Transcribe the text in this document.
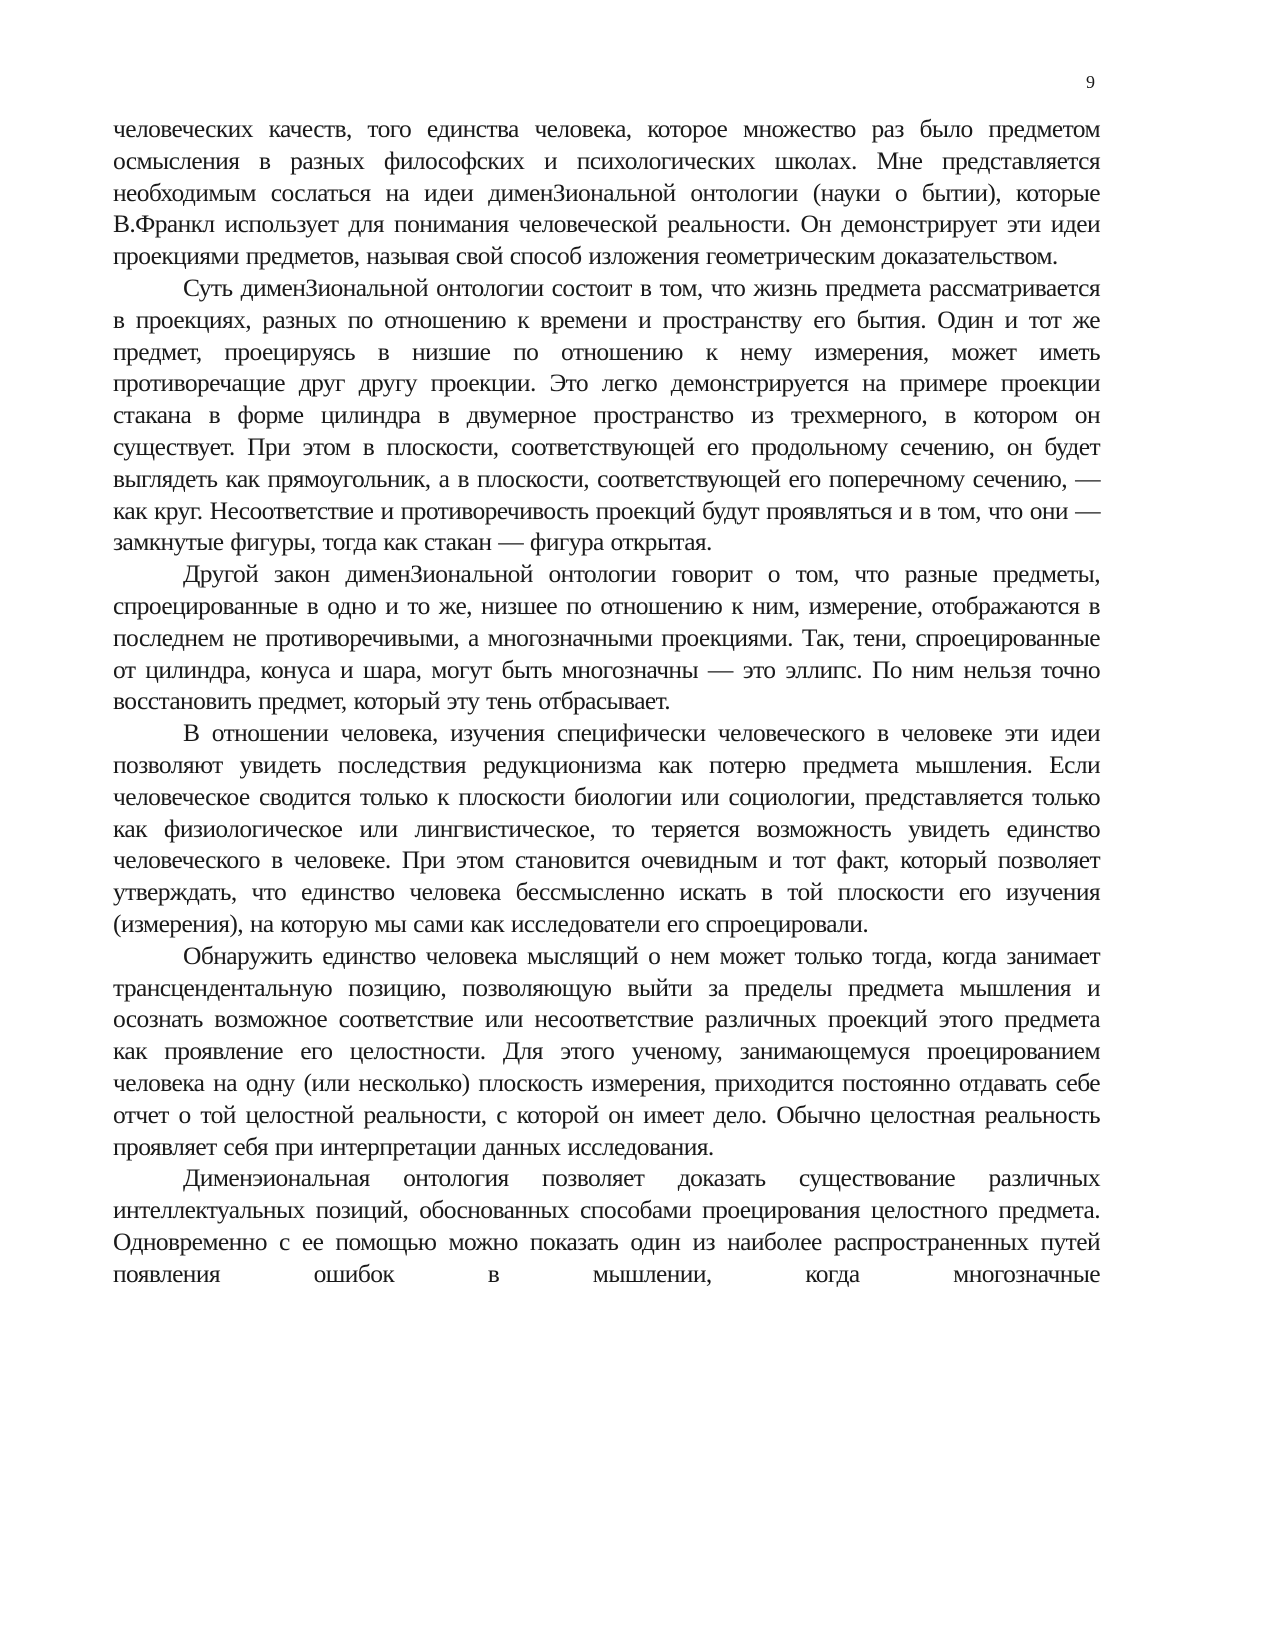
9

человеческих качеств, того единства человека, которое множество раз было предметом осмысления в разных философских и психологических школах. Мне представляется необходимым сослаться на идеи дименЗиональной онтологии (науки о бытии), которые В.Франкл использует для понимания человеческой реальности. Он демонстрирует эти идеи проекциями предметов, называя свой способ изложения геометрическим доказательством.

Суть дименЗиональной онтологии состоит в том, что жизнь предмета рассматривается в проекциях, разных по отношению к времени и пространству его бытия. Один и тот же предмет, проецируясь в низшие по отношению к нему измерения, может иметь противоречащие друг другу проекции. Это легко демонстрируется на примере проекции стакана в форме цилиндра в двумерное пространство из трехмерного, в котором он существует. При этом в плоскости, соответствующей его продольному сечению, он будет выглядеть как прямоугольник, а в плоскости, соответствующей его поперечному сечению, — как круг. Несоответствие и противоречивость проекций будут проявляться и в том, что они — замкнутые фигуры, тогда как стакан — фигура открытая.

Другой закон дименЗиональной онтологии говорит о том, что разные предметы, спроецированные в одно и то же, низшее по отношению к ним, измерение, отображаются в последнем не противоречивыми, а многозначными проекциями. Так, тени, спроецированные от цилиндра, конуса и шара, могут быть многозначны — это эллипс. По ним нельзя точно восстановить предмет, который эту тень отбрасывает.

В отношении человека, изучения специфически человеческого в человеке эти идеи позволяют увидеть последствия редукционизма как потерю предмета мышления. Если человеческое сводится только к плоскости биологии или социологии, представляется только как физиологическое или лингвистическое, то теряется возможность увидеть единство человеческого в человеке. При этом становится очевидным и тот факт, который позволяет утверждать, что единство человека бессмысленно искать в той плоскости его изучения (измерения), на которую мы сами как исследователи его спроецировали.

Обнаружить единство человека мыслящий о нем может только тогда, когда занимает трансцендентальную позицию, позволяющую выйти за пределы предмета мышления и осознать возможное соответствие или несоответствие различных проекций этого предмета как проявление его целостности. Для этого ученому, занимающемуся проецированием человека на одну (или несколько) плоскость измерения, приходится постоянно отдавать себе отчет о той целостной реальности, с которой он имеет дело. Обычно целостная реальность проявляет себя при интерпретации данных исследования.

Дименэиональная онтология позволяет доказать существование различных интеллектуальных позиций, обоснованных способами проецирования целостного предмета. Одновременно с ее помощью можно показать один из наиболее распространенных путей появления ошибок в мышлении, когда многозначные
